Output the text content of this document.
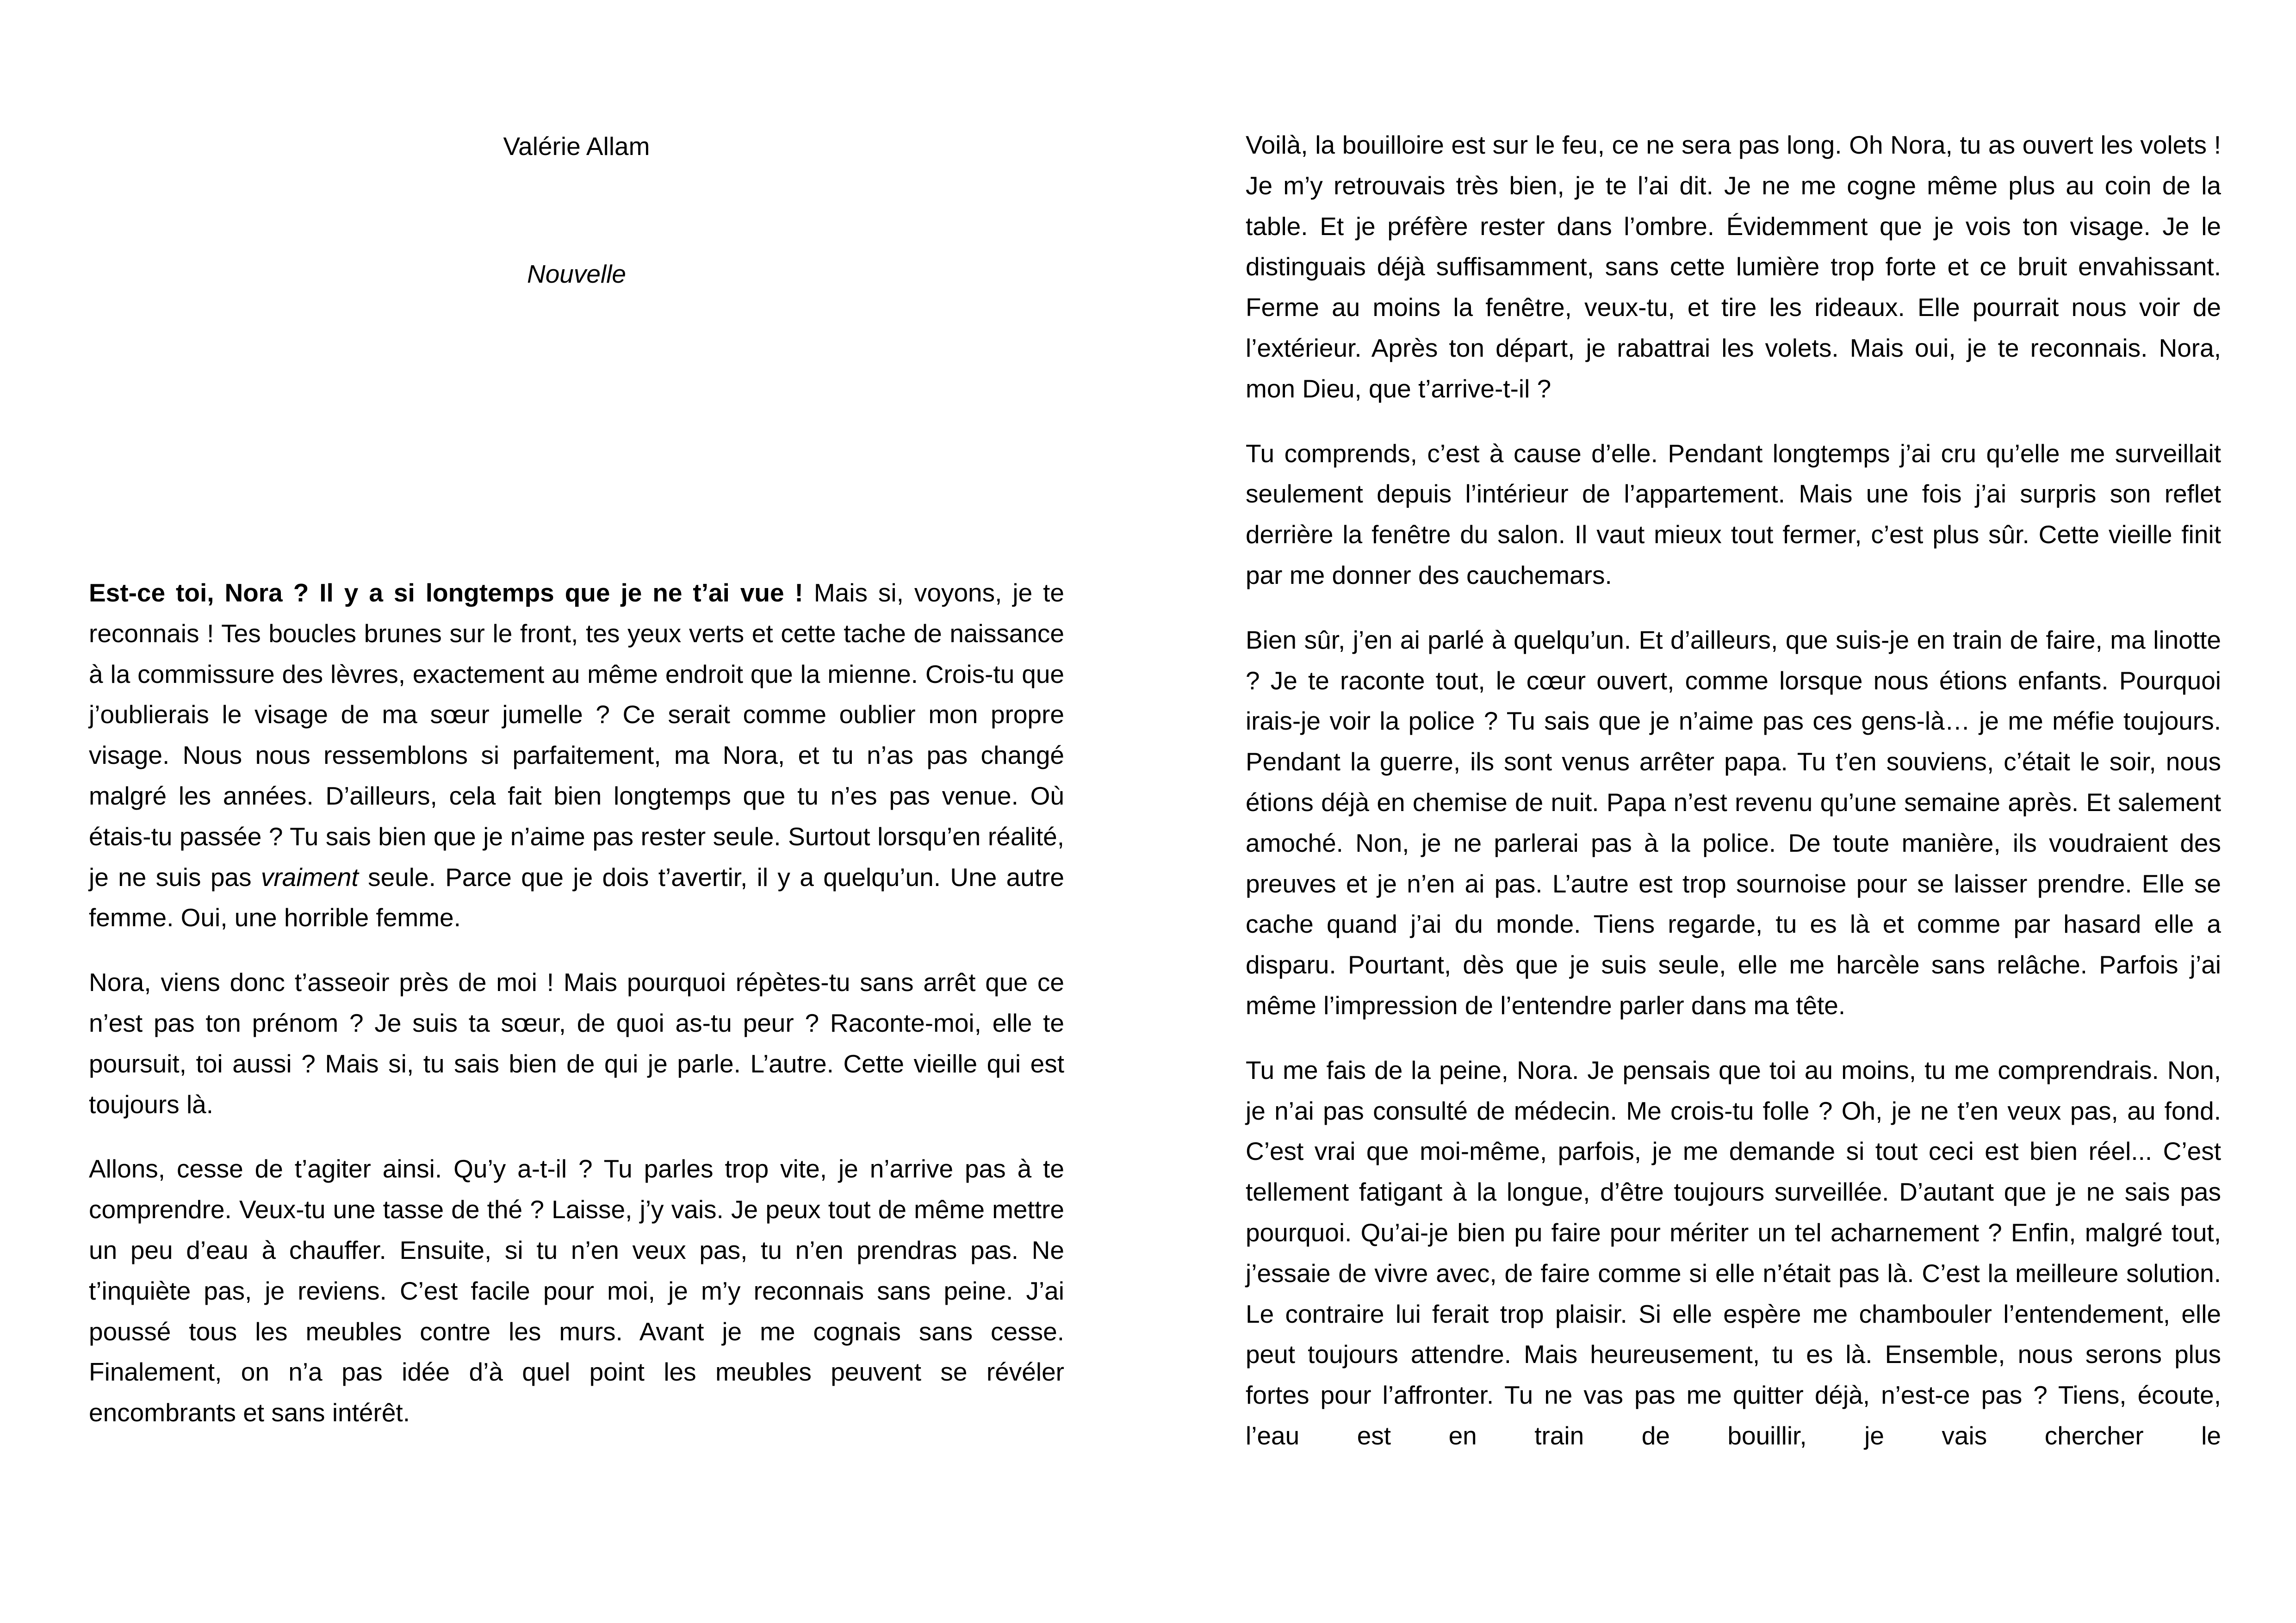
Valérie Allam

Nouvelle

Est-ce toi, Nora ? Il y a si longtemps que je ne t’ai vue ! Mais si, voyons, je te reconnais ! Tes boucles brunes sur le front, tes yeux verts et cette tache de naissance à la commissure des lèvres, exactement au même endroit que la mienne. Crois-tu que j’oublierais le visage de ma sœur jumelle ? Ce serait comme oublier mon propre visage. Nous nous ressemblons si parfaitement, ma Nora, et tu n’as pas changé malgré les années. D’ailleurs, cela fait bien longtemps que tu n’es pas venue. Où étais-tu passée ? Tu sais bien que je n’aime pas rester seule. Surtout lorsqu’en réalité, je ne suis pas vraiment seule. Parce que je dois t’avertir, il y a quelqu’un. Une autre femme. Oui, une horrible femme.

Nora, viens donc t’asseoir près de moi ! Mais pourquoi répètes-tu sans arrêt que ce n’est pas ton prénom ? Je suis ta sœur, de quoi as-tu peur ? Raconte-moi, elle te poursuit, toi aussi ? Mais si, tu sais bien de qui je parle. L’autre. Cette vieille qui est toujours là.

Allons, cesse de t’agiter ainsi. Qu’y a-t-il ? Tu parles trop vite, je n’arrive pas à te comprendre. Veux-tu une tasse de thé ? Laisse, j’y vais. Je peux tout de même mettre un peu d’eau à chauffer. Ensuite, si tu n’en veux pas, tu n’en prendras pas. Ne t’inquiète pas, je reviens. C’est facile pour moi, je m’y reconnais sans peine. J’ai poussé tous les meubles contre les murs. Avant je me cognais sans cesse. Finalement, on n’a pas idée d’à quel point les meubles peuvent se révéler encombrants et sans intérêt.

Voilà, la bouilloire est sur le feu, ce ne sera pas long. Oh Nora, tu as ouvert les volets ! Je m’y retrouvais très bien, je te l’ai dit. Je ne me cogne même plus au coin de la table. Et je préfère rester dans l’ombre. Évidemment que je vois ton visage. Je le distinguais déjà suffisamment, sans cette lumière trop forte et ce bruit envahissant. Ferme au moins la fenêtre, veux-tu, et tire les rideaux. Elle pourrait nous voir de l’extérieur. Après ton départ, je rabattrai les volets. Mais oui, je te reconnais. Nora, mon Dieu, que t’arrive-t-il ?

Tu comprends, c’est à cause d’elle. Pendant longtemps j’ai cru qu’elle me surveillait seulement depuis l’intérieur de l’appartement. Mais une fois j’ai surpris son reflet derrière la fenêtre du salon. Il vaut mieux tout fermer, c’est plus sûr. Cette vieille finit par me donner des cauchemars.

Bien sûr, j’en ai parlé à quelqu’un. Et d’ailleurs, que suis-je en train de faire, ma linotte ? Je te raconte tout, le cœur ouvert, comme lorsque nous étions enfants. Pourquoi irais-je voir la police ? Tu sais que je n’aime pas ces gens-là… je me méfie toujours. Pendant la guerre, ils sont venus arrêter papa. Tu t’en souviens, c’était le soir, nous étions déjà en chemise de nuit. Papa n’est revenu qu’une semaine après. Et salement amoché. Non, je ne parlerai pas à la police. De toute manière, ils voudraient des preuves et je n’en ai pas. L’autre est trop sournoise pour se laisser prendre. Elle se cache quand j’ai du monde. Tiens regarde, tu es là et comme par hasard elle a disparu. Pourtant, dès que je suis seule, elle me harcèle sans relâche. Parfois j’ai même l’impression de l’entendre parler dans ma tête.

Tu me fais de la peine, Nora. Je pensais que toi au moins, tu me comprendrais. Non, je n’ai pas consulté de médecin. Me crois-tu folle ? Oh, je ne t’en veux pas, au fond. C’est vrai que moi-même, parfois, je me demande si tout ceci est bien réel... C’est tellement fatigant à la longue, d’être toujours surveillée. D’autant que je ne sais pas pourquoi. Qu’ai-je bien pu faire pour mériter un tel acharnement ? Enfin, malgré tout, j’essaie de vivre avec, de faire comme si elle n’était pas là. C’est la meilleure solution. Le contraire lui ferait trop plaisir. Si elle espère me chambouler l’entendement, elle peut toujours attendre. Mais heureusement, tu es là. Ensemble, nous serons plus fortes pour l’affronter. Tu ne vas pas me quitter déjà, n’est-ce pas ? Tiens, écoute, l’eau est en train de bouillir, je vais chercher le
